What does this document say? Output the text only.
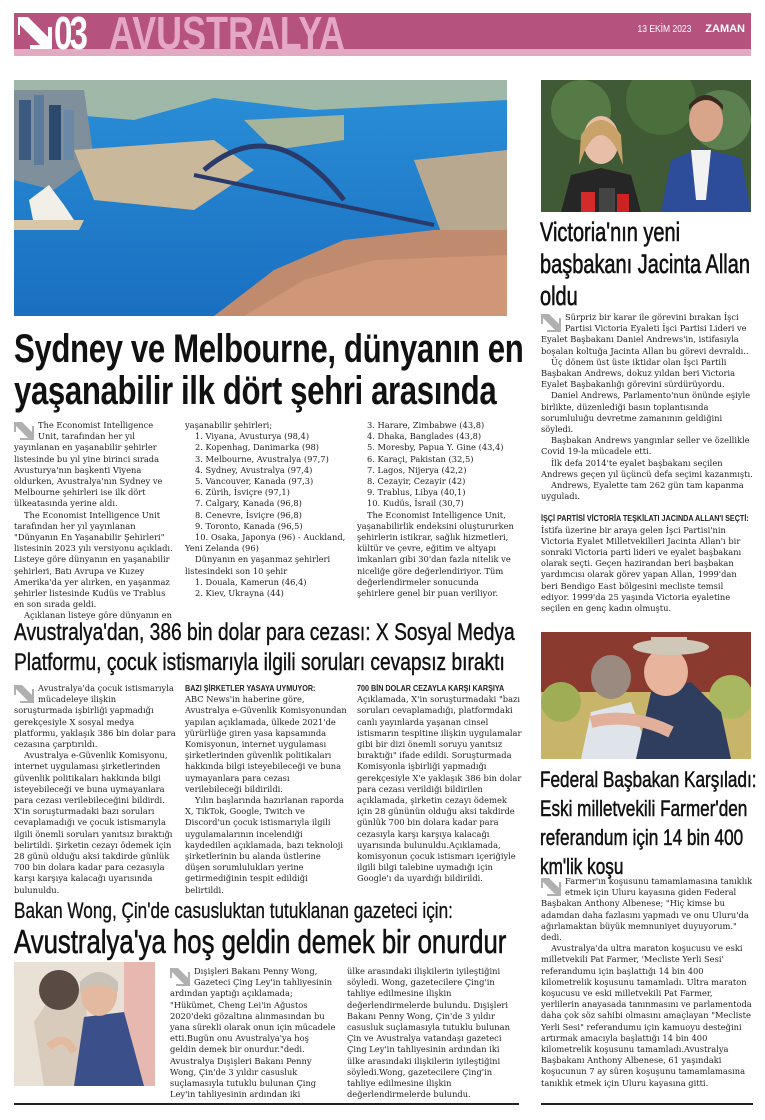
03 AVUSTRALYA	13 EKİM 2023 ZAMAN
Sydney ve Melbourne, dünyanın en yaşanabilir ilk dört şehri arasında

The Economist Intelligence Unit, tarafından her yıl yayınlanan en yaşanabilir şehirler listesinde bu yıl yine birinci sırada Avusturya'nın başkenti Viyena oldurken, Avustralya'nın Sydney ve Melbourne şehirleri ise ilk dört ülkeatasında yerine aldı.

The Economist Intelligence Unit tarafından her yıl yayınlanan "Dünyanın En Yaşanabilir Şehirleri" listesinin 2023 yılı versiyonu açıkladı. Listeye göre dünyanın en yaşanabilir şehirleri, Batı Avrupa ve Kuzey Amerika'da yer alırken, en yaşanmaz şehirler listesinde Kudüs ve Trablus en son sırada geldi.

Açıklanan listeye göre dünyanın en

yaşanabilir şehirleri;
1. Viyana, Avusturya (98,4)
2. Kopenhag, Danimarka (98)
3. Melbourne, Avustralya (97,7)
4. Sydney, Avustralya (97,4)
5. Vancouver, Kanada (97,3)
6. Zürih, İsviçre (97,1)
7. Calgary, Kanada (96,8)
8. Cenevre, İsviçre (96,8)
9. Toronto, Kanada (96,5)
10. Osaka, Japonya (96) - Auckland, Yeni Zelanda (96)

Dünyanın en yaşanmaz şehirleri listesindeki son 10 şehir

1. Douala, Kamerun (46,4)
2. Kiev, Ukrayna (44)
3. Harare, Zimbabwe (43,8)
4. Dhaka, Banglades (43,8)
5. Moresby, Papua Y. Gine (43,4)
6. Karaçi, Pakistan (32,5)
7. Lagos, Nijerya (42,2)
8. Cezayir, Cezayir (42)
9. Trablus, Libya (40,1)
10. Kudüs, İsrail (30,7)

The Economist Intelligence Unit, yaşanabilirlik endeksini oluştururken şehirlerin istikrar, sağlık hizmetleri, kültür ve çevre, eğitim ve altyapı imkanları gibi 30'dan fazla nitelik ve niceliğe göre değerlendiriyor. Tüm değerlendirmeler sonucunda şehirlere genel bir puan veriliyor.

Victoria'nın yeni başbakanı Jacinta Allan oldu

Sürpriz bir karar ile görevini bırakan İşci Partisi Victoria Eyaleti İşci Partisi Lideri ve Eyalet Başbakanı Daniel Andrews'in, istifasıyla boşalan koltuğa Jacinta Allan bu görevi devraldı..

Üç dönem üst üste iktidar olan İşci Partili Başbakan Andrews, dokuz yıldan beri Victoria Eyalet Başbakanlığı görevini sürdürüyordu.

Daniel Andrews, Parlamento'nun önünde eşiyle birlikte, düzenlediği basın toplantısında sorumluluğu devretme zamanının geldiğini söyledi.

Başbakan Andrews yangınlar seller ve özellikle Covid 19-la mücadele etti.

İlk defa 2014'te eyalet başbakanı seçilen Andrews geçen yıl üçüncü defa seçimi kazanmıştı.

Andrews, Eyalette tam 262 gün tam kapanma uyguladı.

İŞÇİ PARTİSİ VİCTORİA TEŞKİLATI JACINDA ALLAN'I SEÇTİ:
İstifa üzerine bir araya gelen İşci Partisi'nin Victoria Eyalet Milletvekilleri Jacinta Allan'ı bir sonraki Victoria parti lideri ve eyalet başbakanı olarak seçti. Geçen hazirandan beri başbakan yardımcısı olarak görev yapan Allan, 1999'dan beri Bendigo East bölgesini mecliste temsil ediyor. 1999'da 25 yaşında Victoria eyaletine seçilen en genç kadın olmuştu.
Avustralya'dan, 386 bin dolar para cezası: X Sosyal Medya Platformu, çocuk istismarıyla ilgili soruları cevapsız bıraktı

Avustralya'da çocuk istismarıyla mücadeleye ilişkin soruşturmada işbirliği yapmadığı gerekçesiyle X sosyal medya platformu, yaklaşık 386 bin dolar para cezasına çarptırıldı.

Avustralya e-Güvenlik Komisyonu, internet uygulaması şirketlerinden güvenlik politikaları hakkında bilgi isteyebileceği ve buna uymayanlara para cezası verilebileceğini bildirdi. X'in soruşturmadaki bazı soruları cevaplamadığı ve çocuk istismarıyla ilgili önemli soruları yanıtsız bıraktığı belirtildi. Şirketin cezayı ödemek için 28 günü olduğu aksi takdirde günlük 700 bin dolara kadar para cezasıyla karşı karşıya kalacağı uyarısında bulunuldu.

BAZI ŞİRKETLER YASAYA UYMUYOR:

ABC News'in haberine göre, Avustralya e-Güvenlik Komisyonundan yapılan açıklamada, ülkede 2021'de yürürlüğe giren yasa kapsamında Komisyonun, internet uygulaması şirketlerinden güvenlik politikaları hakkında bilgi isteyebileceği ve buna uymayanlara para cezası verilebileceği bildirildi.

Yılın başlarında hazırlanan raporda X, TikTok, Google, Twitch ve Discord'un çocuk istismarıyla ilgili uygulamalarının incelendiği kaydedilen açıklamada, bazı teknoloji şirketlerinin bu alanda üstlerine düşen sorumlulukları yerine getirmediğinin tespit edildiği belirtildi.

700 BİN DOLAR CEZAYLA KARŞI KARŞIYA

Açıklamada, X'in soruşturmadaki "bazı soruları cevaplamadığı, platformdaki canlı yayınlarda yaşanan cinsel istismarın tespitine ilişkin uygulamalar gibi bir dizi önemli soruyu yanıtsız bıraktığı" ifade edildi. Soruşturmada Komisyonla işbirliği yapmadığı gerekçesiyle X'e yaklaşık 386 bin dolar para cezası verildiği bildirilen açıklamada, şirketin cezayı ödemek için 28 gününün olduğu aksi takdirde günlük 700 bin dolara kadar para cezasıyla karşı karşıya kalacağı uyarısında bulunuldu.Açıklamada, komisyonun çocuk istismarı içeriğiyle ilgili bilgi talebine uymadığı için Google'ı da uyardığı bildirildi.

Federal Başbakan Karşıladı: Eski milletvekili Farmer'den referandum için 14 bin 400 km'lik koşu

Farmer'ın koşusunu tamamlamasına tanıklık etmek için Uluru kayasına giden Federal Başbakan Anthony Albenese; "Hiç kimse bu adamdan daha fazlasını yapmadı ve onu Uluru'da ağırlamaktan büyük memnuniyet duyuyorum." dedi.

Avustralya'da ultra maraton koşucusu ve eski milletvekili Pat Farmer, 'Mecliste Yerli Sesi' referandumu için başlattığı 14 bin 400 kilometrelik koşusunu tamamladı. Ultra maraton koşucusu ve eski milletvekili Pat Farmer, yerlilerin anayasada tanınmasını ve parlamentoda daha çok söz sahibi olmasını amaçlayan "Mecliste Yerli Sesi" referandumu için kamuoyu desteğini artırmak amacıyla başlattığı 14 bin 400 kilometrelik koşusunu tamamladı.Avustralya Başbakanı Anthony Albenese, 61 yaşındaki koşucunun 7 ay süren koşuşunu tamamlamasına tanıklık etmek için Uluru kayasına gitti.

Bakan Wong, Çin'de casusluktan tutuklanan gazeteci için:
Avustralya'ya hoş geldin demek bir onurdur

Dışişleri Bakanı Penny Wong, Gazeteci Çing Ley'in tahliyesinin ardından yaptığı açıklamada; "Hükümet, Cheng Lei'in Ağustos 2020'deki gözaltına alınmasından bu yana sürekli olarak onun için mücadele etti.Bugün onu Avustralya'ya hoş geldin demek bir onurdur."dedi. Avustralya Dışişleri Bakanı Penny Wong, Çin'de 3 yıldır casusluk suçlamasıyla tutuklu bulunan Çing Ley'in tahliyesinin ardından iki

ülke arasındaki ilişkilerin iyileştiğini söyledi. Wong, gazetecilere Çing'in tahliye edilmesine ilişkin değerlendirmelerde bulundu. Dışişleri Bakanı Penny Wong, Çin'de 3 yıldır casusluk suçlamasıyla tutuklu bulunan Çin ve Avustralya vatandaşı gazeteci Çing Ley'in tahliyesinin ardından iki ülke arasındaki ilişkilerin iyileştiğini söyledi.Wong, gazetecilere Çing'in tahliye edilmesine ilişkin değerlendirmelerde bulundu.
